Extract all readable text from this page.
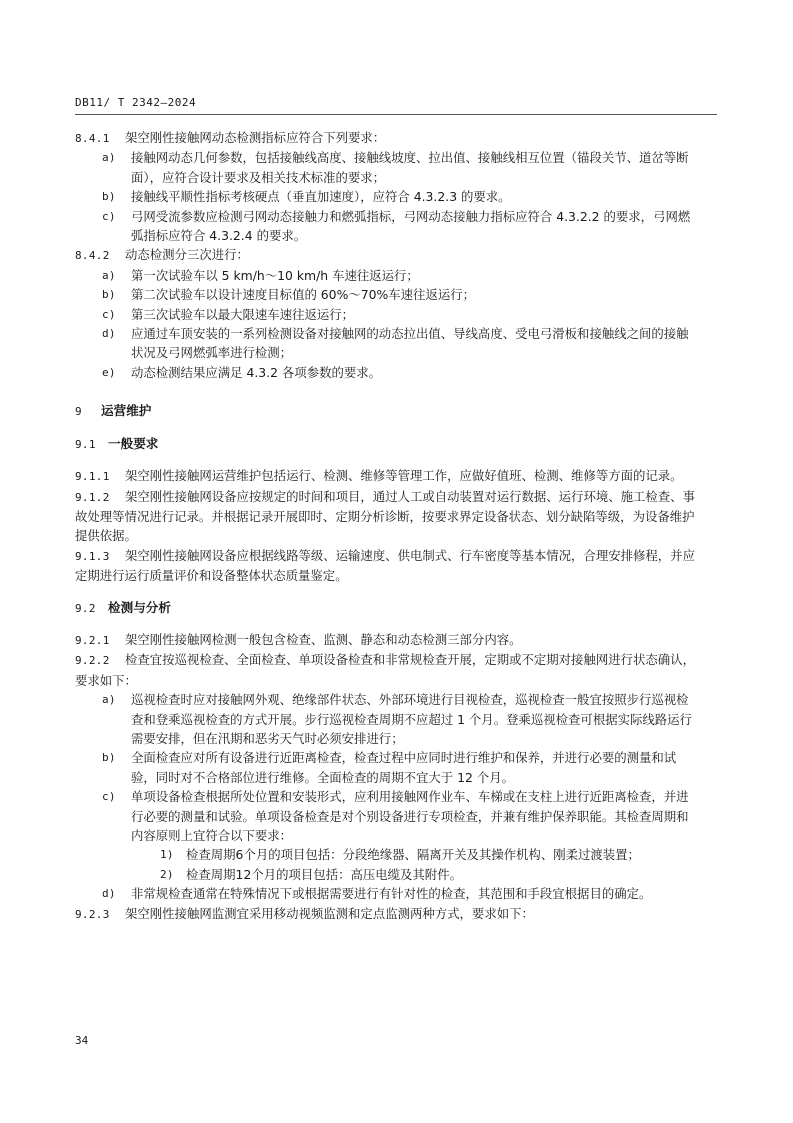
DB11/ T 2342—2024

8.4.1 架空刚性接触网动态检测指标应符合下列要求：

a) 接触网动态几何参数，包括接触线高度、接触线坡度、拉出值、接触线相互位置（锚段关节、道岔等断面），应符合设计要求及相关技术标准的要求；

b) 接触线平顺性指标考核硬点（垂直加速度），应符合 4.3.2.3 的要求。

c) 弓网受流参数应检测弓网动态接触力和燃弧指标，弓网动态接触力指标应符合 4.3.2.2 的要求，弓网燃弧指标应符合 4.3.2.4 的要求。

8.4.2 动态检测分三次进行：

a) 第一次试验车以 5 km/h～10 km/h 车速往返运行；

b) 第二次试验车以设计速度目标值的 60%～70%车速往返运行；

c) 第三次试验车以最大限速车速往返运行；

d) 应通过车顶安装的一系列检测设备对接触网的动态拉出值、导线高度、受电弓滑板和接触线之间的接触状况及弓网燃弧率进行检测；

e) 动态检测结果应满足 4.3.2 各项参数的要求。

9 运营维护

9.1 一般要求

9.1.1 架空刚性接触网运营维护包括运行、检测、维修等管理工作，应做好值班、检测、维修等方面的记录。

9.1.2 架空刚性接触网设备应按规定的时间和项目，通过人工或自动装置对运行数据、运行环境、施工检查、事故处理等情况进行记录。并根据记录开展即时、定期分析诊断，按要求界定设备状态、划分缺陷等级，为设备维护提供依据。

9.1.3 架空刚性接触网设备应根据线路等级、运输速度、供电制式、行车密度等基本情况，合理安排修程，并应定期进行运行质量评价和设备整体状态质量鉴定。

9.2 检测与分析

9.2.1 架空刚性接触网检测一般包含检查、监测、静态和动态检测三部分内容。

9.2.2 检查宜按巡视检查、全面检查、单项设备检查和非常规检查开展，定期或不定期对接触网进行状态确认，要求如下：

a) 巡视检查时应对接触网外观、绝缘部件状态、外部环境进行目视检查，巡视检查一般宜按照步行巡视检查和登乘巡视检查的方式开展。步行巡视检查周期不应超过 1 个月。登乘巡视检查可根据实际线路运行需要安排，但在汛期和恶劣天气时必须安排进行；

b) 全面检查应对所有设备进行近距离检查，检查过程中应同时进行维护和保养，并进行必要的测量和试验，同时对不合格部位进行维修。全面检查的周期不宜大于 12 个月。

c) 单项设备检查根据所处位置和安装形式，应利用接触网作业车、车梯或在支柱上进行近距离检查，并进行必要的测量和试验。单项设备检查是对个别设备进行专项检查，并兼有维护保养职能。其检查周期和内容原则上宜符合以下要求：

1) 检查周期6个月的项目包括：分段绝缘器、隔离开关及其操作机构、刚柔过渡装置；

2) 检查周期12个月的项目包括：高压电缆及其附件。

d) 非常规检查通常在特殊情况下或根据需要进行有针对性的检查，其范围和手段宜根据目的确定。

9.2.3 架空刚性接触网监测宜采用移动视频监测和定点监测两种方式，要求如下：

34
